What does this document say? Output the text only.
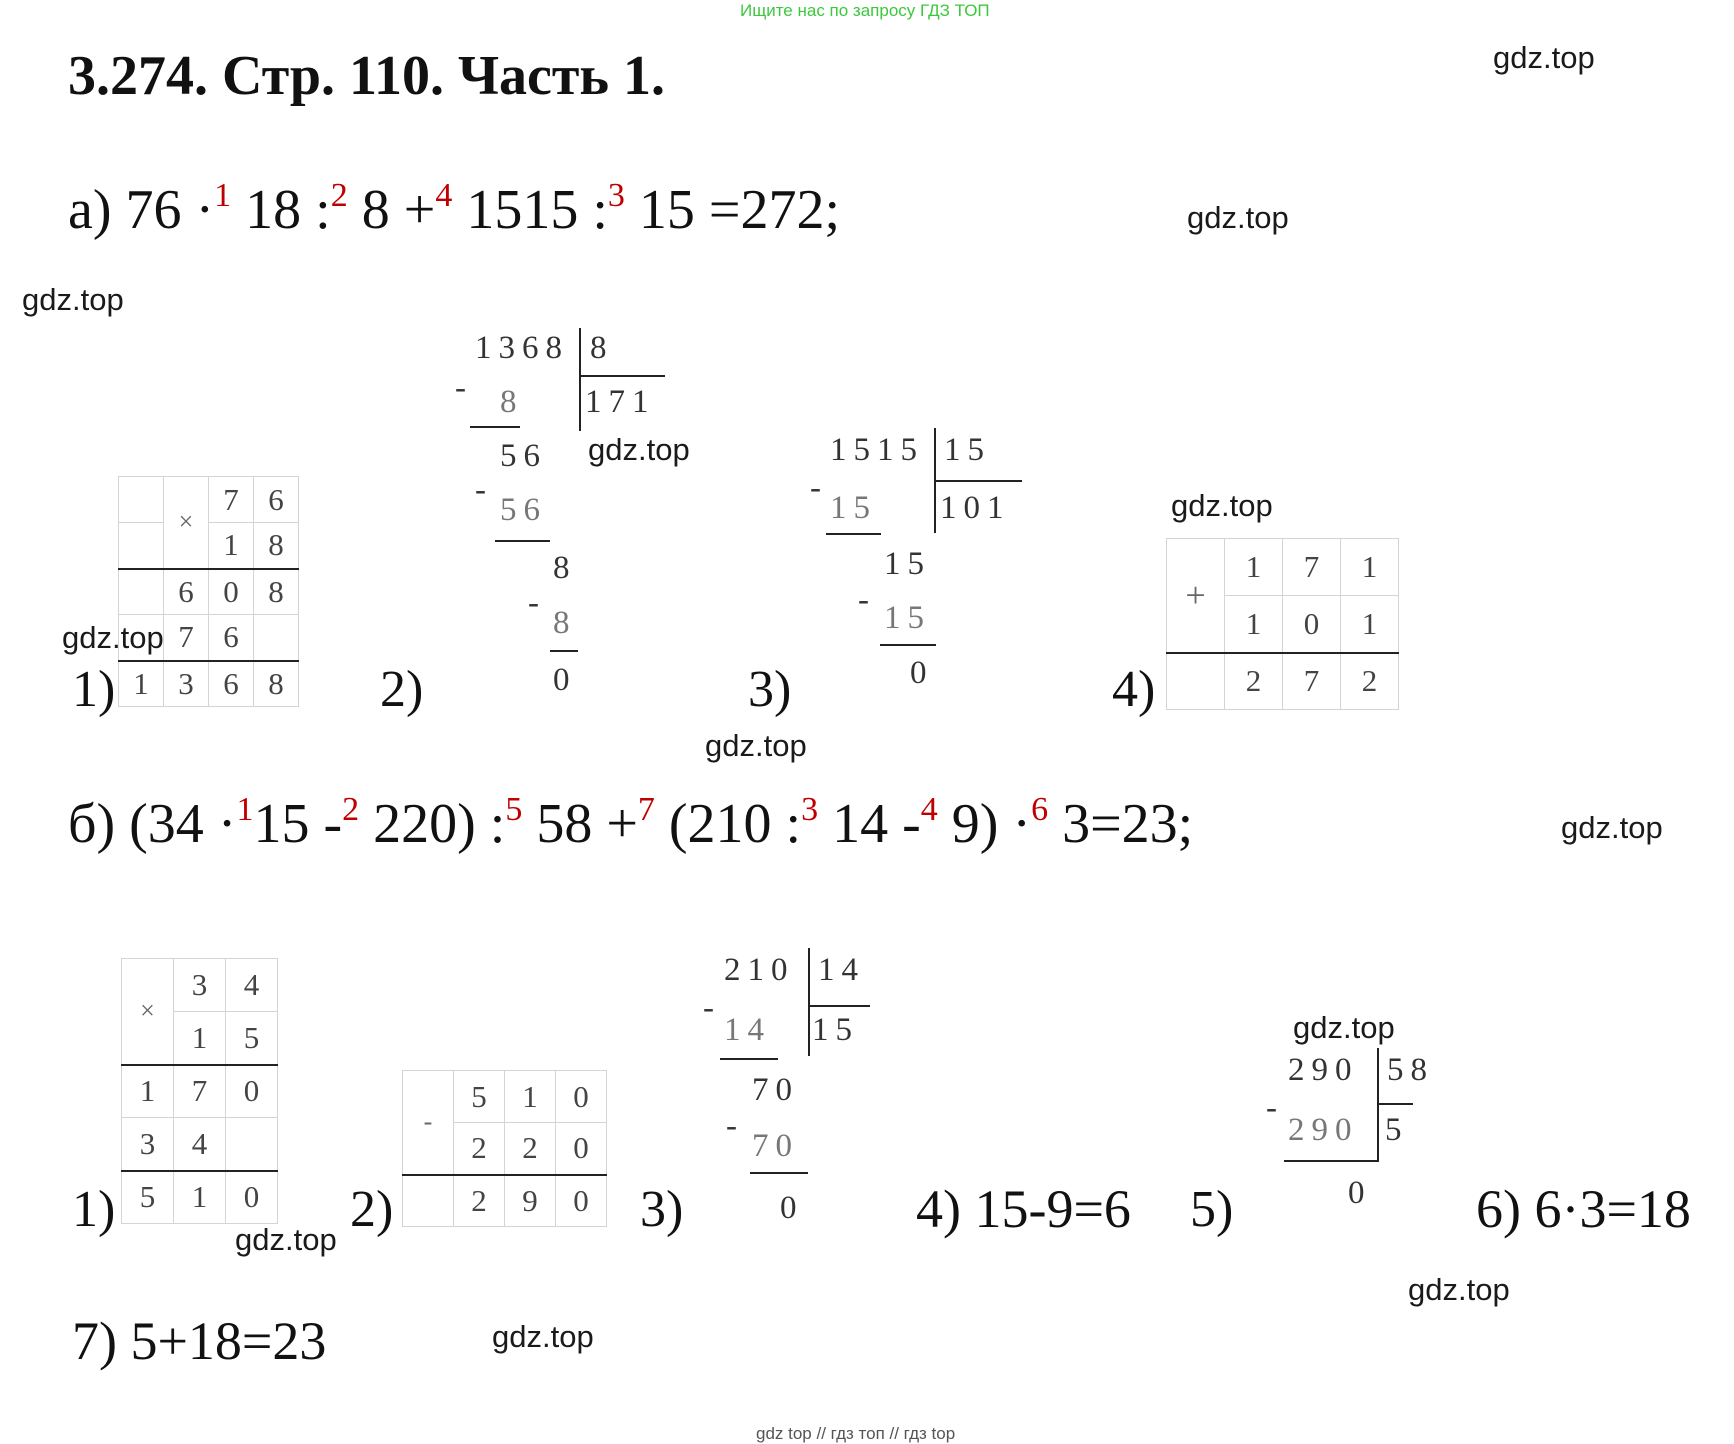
Ищите нас по запросу ГДЗ ТОП
3.274. Стр. 110. Часть 1.	gdz.top
gdz.top
gdz.top
gdz.top
gdz.top
gdz.top
gdz.top
gdz.top
gdz.top
gdz.top
gdz.top
gdz.top
а) 76 ·$^1$ 18 :$^2$ 8 +$^4$ 1515 :$^3$ 15 =272;
1)
	×	7	6
		1	8
	6	0	8
	7	6	
1	3	6	8 2)
1368 8
171
- 8
56
-
56
8
-
8
0	3)
1515 15
101
-
15
15
- 15
0	4)
+	1	7	1
	1	0	1
	2	7	2
б) (34 ·$^1$15 -$^2$ 220) :$^5$ 58 +$^7$ (210 :$^3$ 14 -$^4$ 9) ·$^6$ 3=23;
1)
×	3	4
	1	5
1	7	0
3	4	
5	1	0 2)
-	5	1	0
	2	2	0
	2	9	0 3)
210 14
15
-
14
70
-
70
0 4) 15-9=6 5)
290 58
5
-
290
0 6) 6·3=18
7) 5+18=23
gdz top // гдз топ // гдз top
